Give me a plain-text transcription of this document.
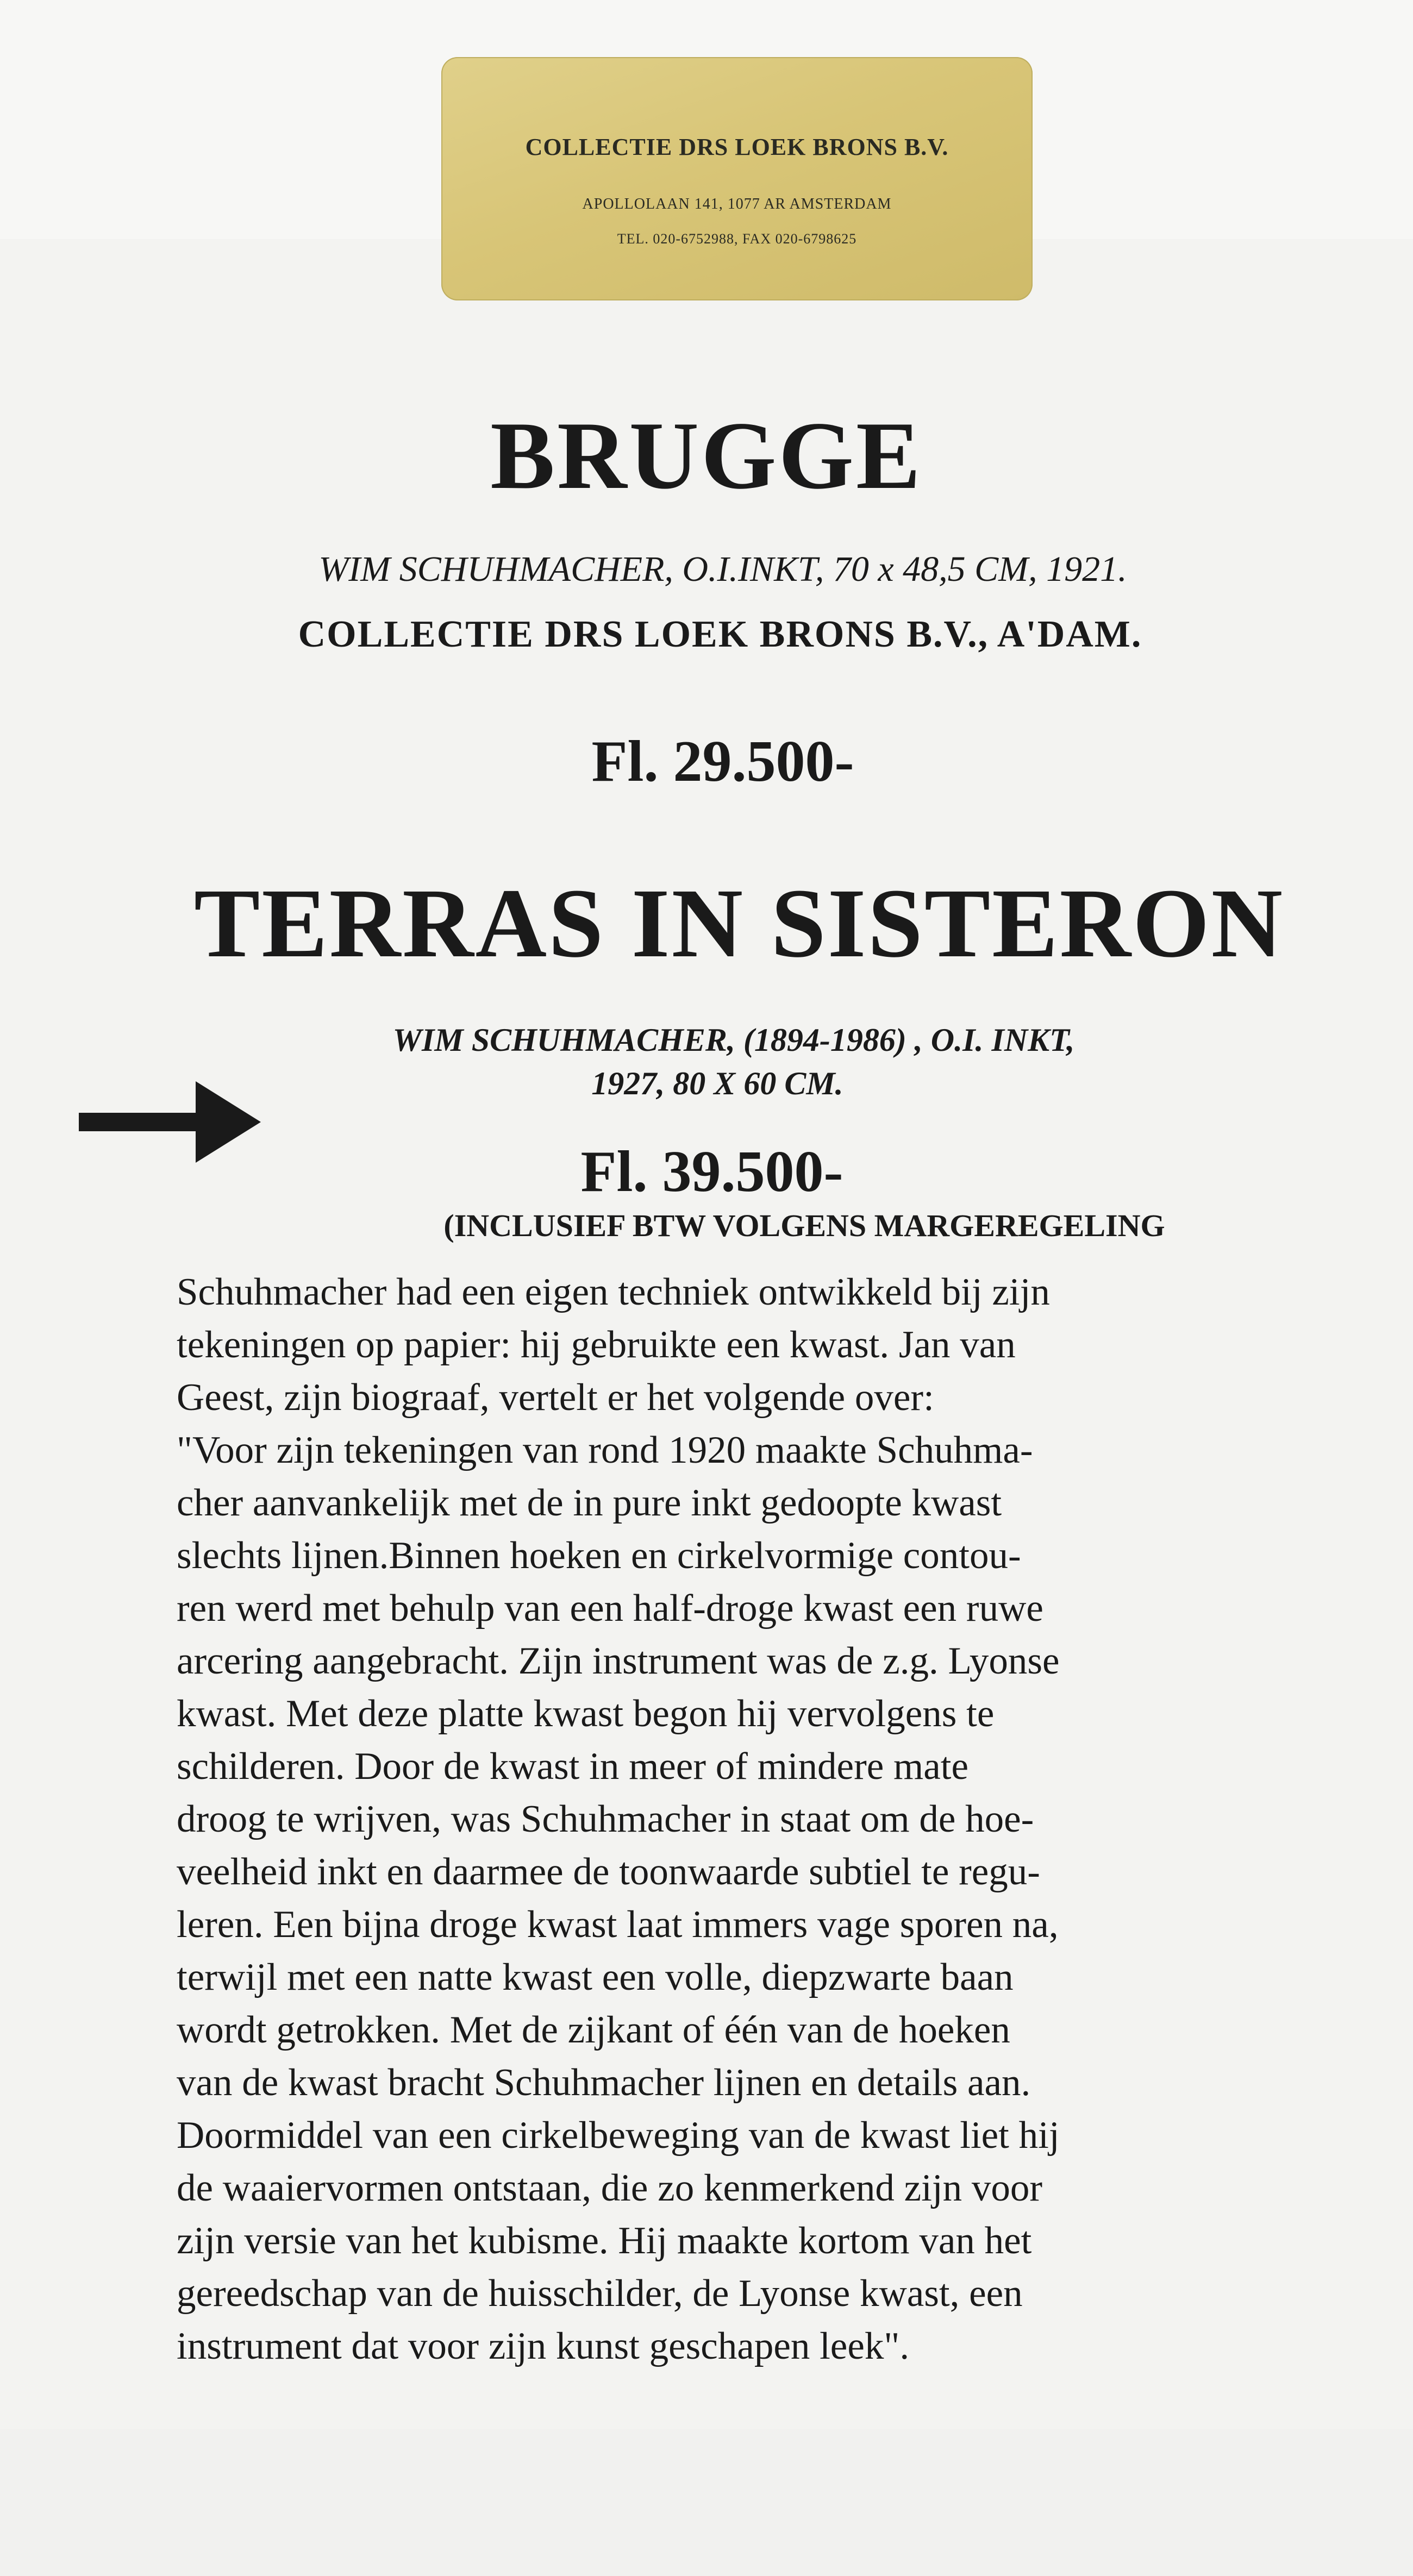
COLLECTIE DRS LOEK BRONS B.V.
APOLLOLAAN 141, 1077 AR AMSTERDAM
TEL. 020-6752988, FAX 020-6798625
BRUGGE
WIM SCHUHMACHER, O.I.INKT, 70 x 48,5 CM, 1921.
COLLECTIE DRS LOEK BRONS B.V., A'DAM.
Fl. 29.500-
TERRAS IN SISTERON
WIM SCHUHMACHER, (1894-1986) , O.I. INKT,
1927, 80 X 60 CM.
Fl. 39.500-
(INCLUSIEF BTW VOLGENS MARGEREGELING

Schuhmacher had een eigen techniek ontwikkeld bij zijn
tekeningen op papier: hij gebruikte een kwast. Jan van
Geest, zijn biograaf, vertelt er het volgende over:
"Voor zijn tekeningen van rond 1920 maakte Schuhma-
cher aanvankelijk met de in pure inkt gedoopte kwast
slechts lijnen.Binnen hoeken en cirkelvormige contou-
ren werd met behulp van een half-droge kwast een ruwe
arcering aangebracht. Zijn instrument was de z.g. Lyonse
kwast. Met deze platte kwast begon hij vervolgens te
schilderen. Door de kwast in meer of mindere mate
droog te wrijven, was Schuhmacher in staat om de hoe-
veelheid inkt en daarmee de toonwaarde subtiel te regu-
leren. Een bijna droge kwast laat immers vage sporen na,
terwijl met een natte kwast een volle, diepzwarte baan
wordt getrokken. Met de zijkant of één van de hoeken
van de kwast bracht Schuhmacher lijnen en details aan.
Doormiddel van een cirkelbeweging van de kwast liet hij
de waaiervormen ontstaan, die zo kenmerkend zijn voor
zijn versie van het kubisme. Hij maakte kortom van het
gereedschap van de huisschilder, de Lyonse kwast, een
instrument dat voor zijn kunst geschapen leek".
